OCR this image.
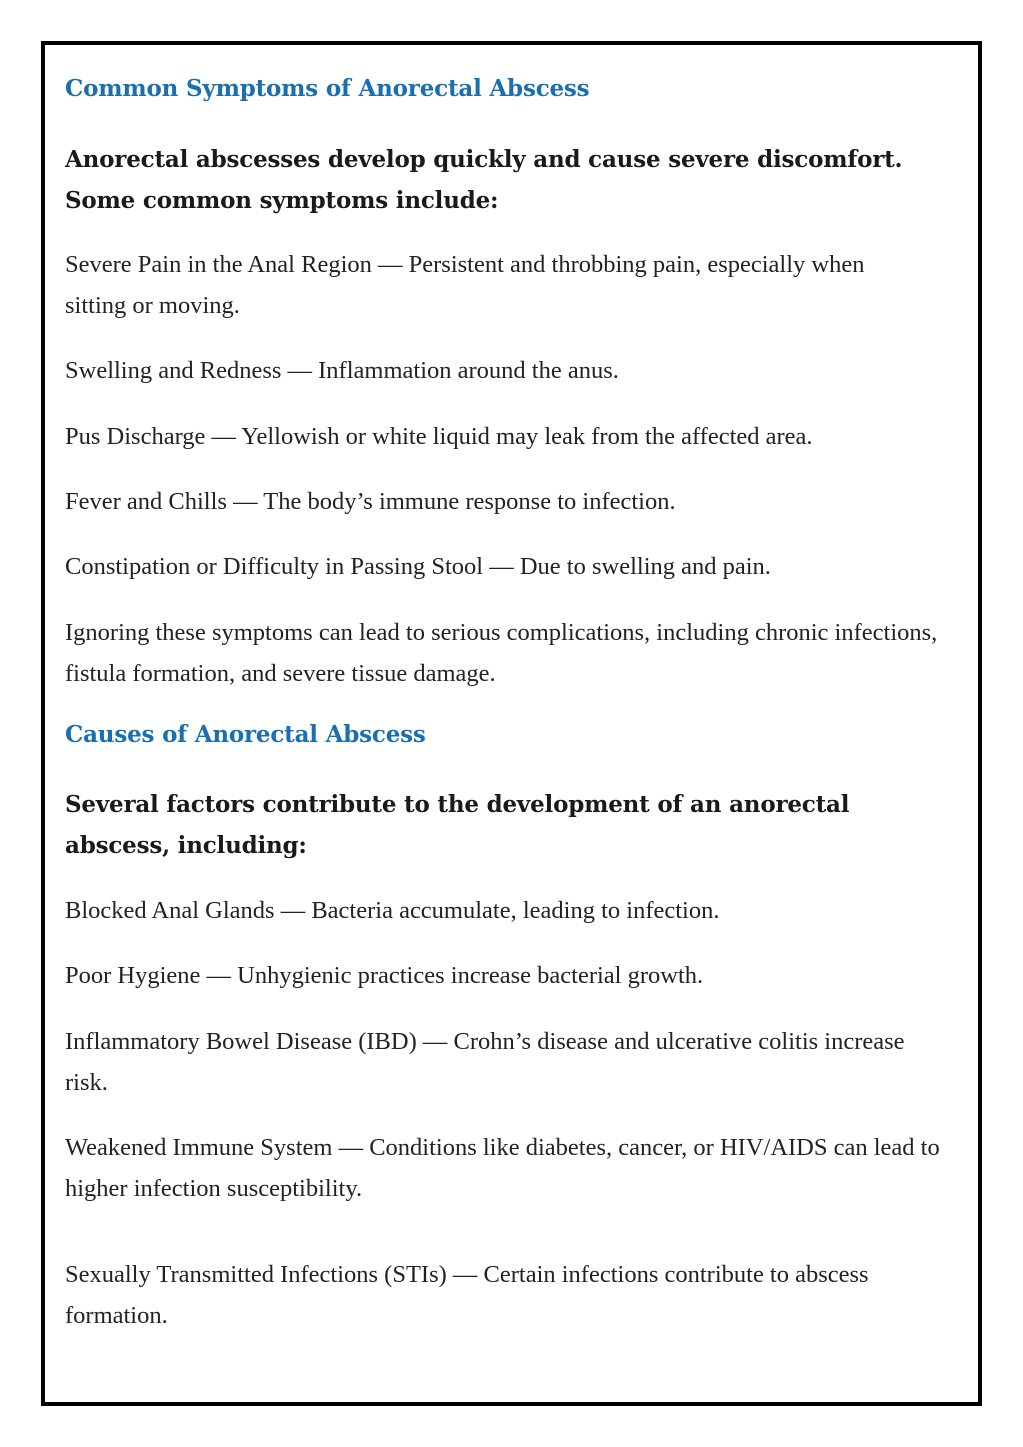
Common Symptoms of Anorectal Abscess

Anorectal abscesses develop quickly and cause severe discomfort. Some common symptoms include:

Severe Pain in the Anal Region — Persistent and throbbing pain, especially when sitting or moving.

Swelling and Redness — Inflammation around the anus.

Pus Discharge — Yellowish or white liquid may leak from the affected area.

Fever and Chills — The body’s immune response to infection.

Constipation or Difficulty in Passing Stool — Due to swelling and pain.

Ignoring these symptoms can lead to serious complications, including chronic infections, fistula formation, and severe tissue damage.

Causes of Anorectal Abscess

Several factors contribute to the development of an anorectal abscess, including:

Blocked Anal Glands — Bacteria accumulate, leading to infection.

Poor Hygiene — Unhygienic practices increase bacterial growth.

Inflammatory Bowel Disease (IBD) — Crohn’s disease and ulcerative colitis increase risk.

Weakened Immune System — Conditions like diabetes, cancer, or HIV/AIDS can lead to higher infection susceptibility.

Sexually Transmitted Infections (STIs) — Certain infections contribute to abscess formation.
